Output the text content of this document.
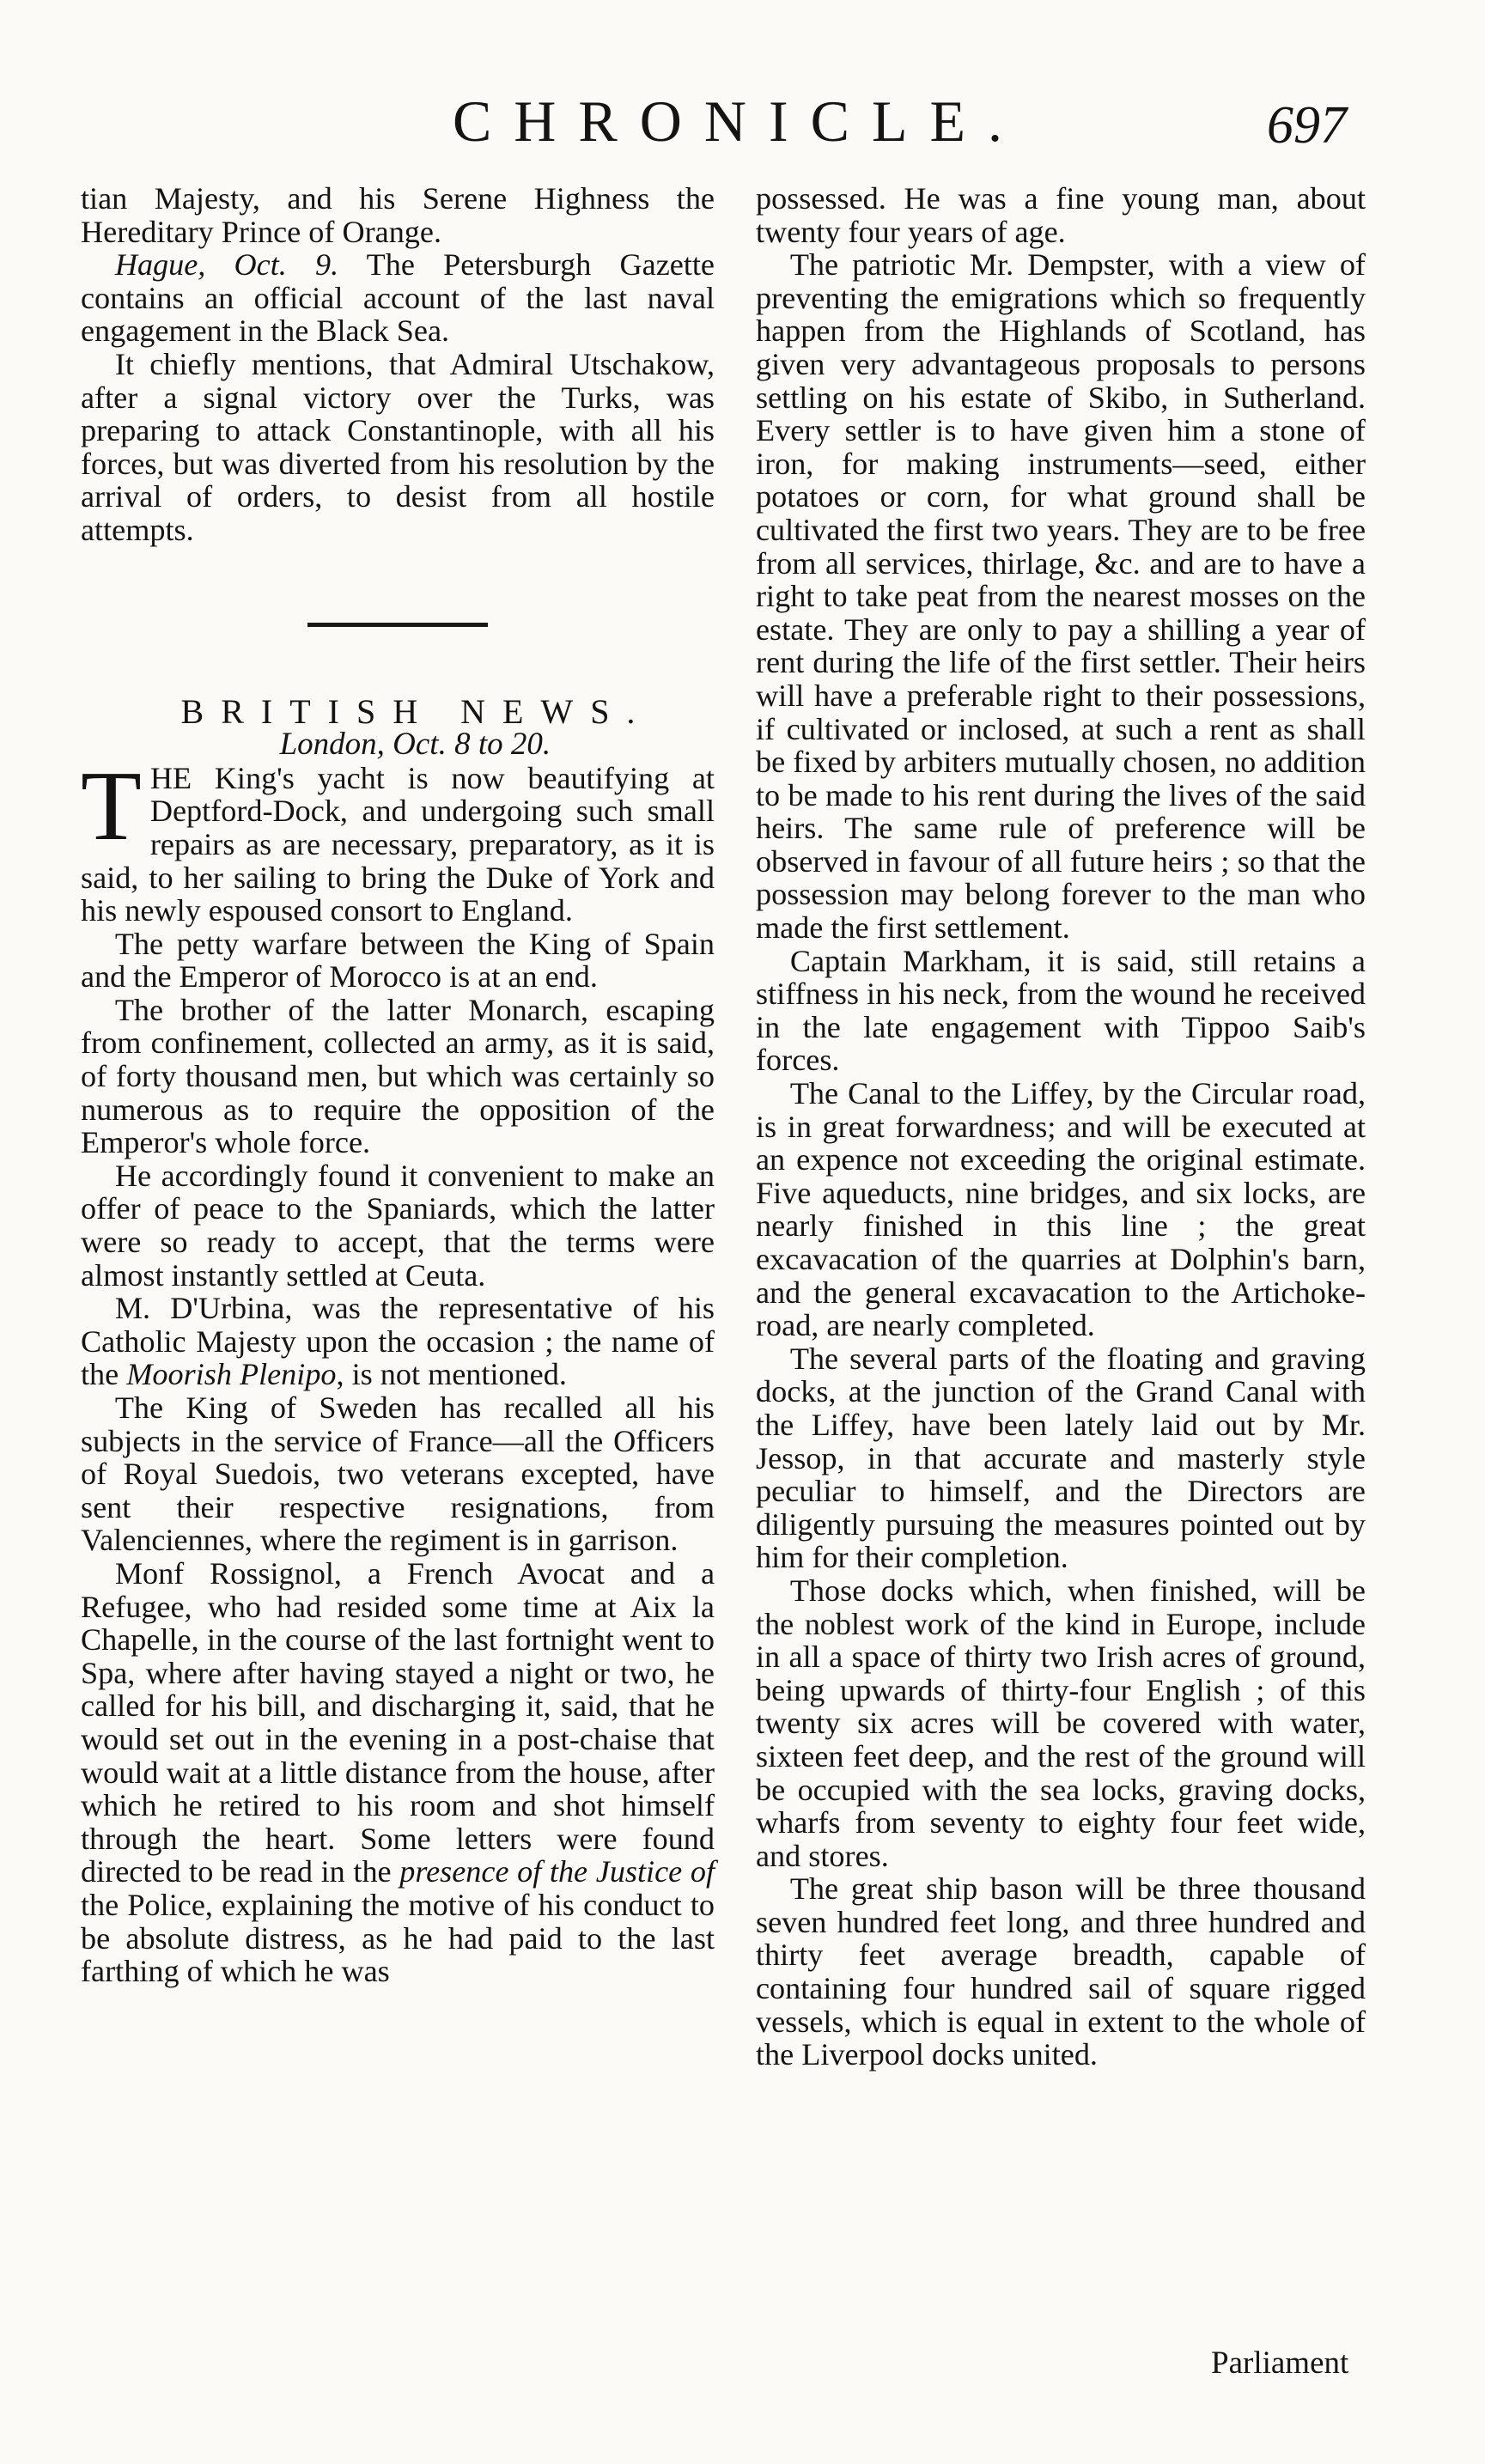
CHRONICLE.	697

tian Majesty, and his Serene Highness the Hereditary Prince of Orange.

Hague, Oct. 9. The Petersburgh Gazette contains an official account of the last naval engagement in the Black Sea.

It chiefly mentions, that Admiral Utschakow, after a signal victory over the Turks, was preparing to attack Constantinople, with all his forces, but was diverted from his resolution by the arrival of orders, to desist from all hostile attempts.

BRITISH NEWS.

London, Oct. 8 to 20.

THE King's yacht is now beautifying at Deptford-Dock, and undergoing such small repairs as are necessary, preparatory, as it is said, to her sailing to bring the Duke of York and his newly espoused consort to England.

The petty warfare between the King of Spain and the Emperor of Morocco is at an end.

The brother of the latter Monarch, escaping from confinement, collected an army, as it is said, of forty thousand men, but which was certainly so numerous as to require the opposition of the Emperor's whole force.

He accordingly found it convenient to make an offer of peace to the Spaniards, which the latter were so ready to accept, that the terms were almost instantly settled at Ceuta.

M. D'Urbina, was the representative of his Catholic Majesty upon the occasion ; the name of the Moorish Plenipo, is not mentioned.

The King of Sweden has recalled all his subjects in the service of France—all the Officers of Royal Suedois, two veterans excepted, have sent their respective resignations, from Valenciennes, where the regiment is in garrison.

Monf Rossignol, a French Avocat and a Refugee, who had resided some time at Aix la Chapelle, in the course of the last fortnight went to Spa, where after having stayed a night or two, he called for his bill, and discharging it, said, that he would set out in the evening in a post-chaise that would wait at a little distance from the house, after which he retired to his room and shot himself through the heart. Some letters were found directed to be read in the presence of the Justice of the Police, explaining the motive of his conduct to be absolute distress, as he had paid to the last farthing of which he was

possessed. He was a fine young man, about twenty four years of age.

The patriotic Mr. Dempster, with a view of preventing the emigrations which so frequently happen from the Highlands of Scotland, has given very advantageous proposals to persons settling on his estate of Skibo, in Sutherland. Every settler is to have given him a stone of iron, for making instruments—seed, either potatoes or corn, for what ground shall be cultivated the first two years. They are to be free from all services, thirlage, &c. and are to have a right to take peat from the nearest mosses on the estate. They are only to pay a shilling a year of rent during the life of the first settler. Their heirs will have a preferable right to their possessions, if cultivated or inclosed, at such a rent as shall be fixed by arbiters mutually chosen, no addition to be made to his rent during the lives of the said heirs. The same rule of preference will be observed in favour of all future heirs ; so that the possession may belong forever to the man who made the first settlement.

Captain Markham, it is said, still retains a stiffness in his neck, from the wound he received in the late engagement with Tippoo Saib's forces.

The Canal to the Liffey, by the Circular road, is in great forwardness; and will be executed at an expence not exceeding the original estimate. Five aqueducts, nine bridges, and six locks, are nearly finished in this line ; the great excavacation of the quarries at Dolphin's barn, and the general excavacation to the Artichoke-road, are nearly completed.

The several parts of the floating and graving docks, at the junction of the Grand Canal with the Liffey, have been lately laid out by Mr. Jessop, in that accurate and masterly style peculiar to himself, and the Directors are diligently pursuing the measures pointed out by him for their completion.

Those docks which, when finished, will be the noblest work of the kind in Europe, include in all a space of thirty two Irish acres of ground, being upwards of thirty-four English ; of this twenty six acres will be covered with water, sixteen feet deep, and the rest of the ground will be occupied with the sea locks, graving docks, wharfs from seventy to eighty four feet wide, and stores.

The great ship bason will be three thousand seven hundred feet long, and three hundred and thirty feet average breadth, capable of containing four hundred sail of square rigged vessels, which is equal in extent to the whole of the Liverpool docks united.

Parliament
